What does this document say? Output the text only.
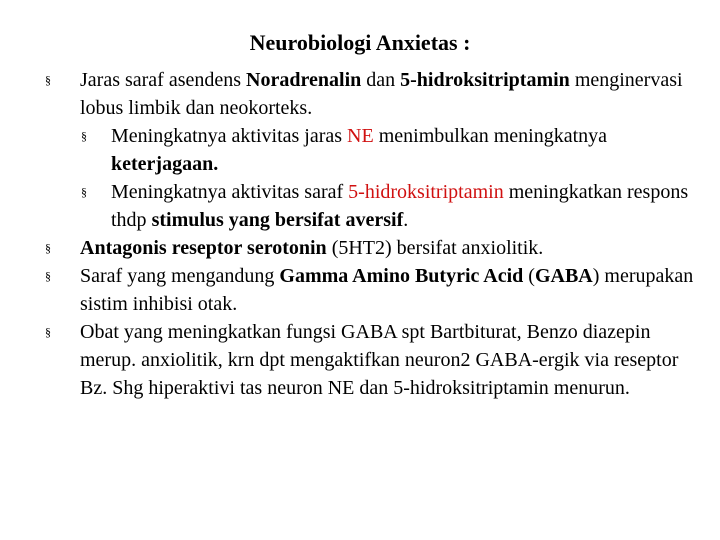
Neurobiologi Anxietas :
§ Jaras saraf asendens Noradrenalin dan 5-hidroksitriptamin menginervasi lobus limbik dan neokorteks.
§ Meningkatnya aktivitas jaras NE menimbulkan meningkatnya keterjagaan.
§ Meningkatnya aktivitas saraf 5-hidroksitriptamin meningkatkan respons thdp stimulus yang bersifat aversif.
§ Antagonis reseptor serotonin (5HT2) bersifat anxiolitik.
§ Saraf yang mengandung Gamma Amino Butyric Acid (GABA) merupakan sistim inhibisi otak.
§ Obat yang meningkatkan fungsi GABA spt Bartbiturat, Benzo diazepin merup. anxiolitik, krn dpt mengaktifkan neuron2 GABA-ergik via reseptor Bz. Shg hiperaktivi tas neuron NE dan 5-hidroksitriptamin menurun.
